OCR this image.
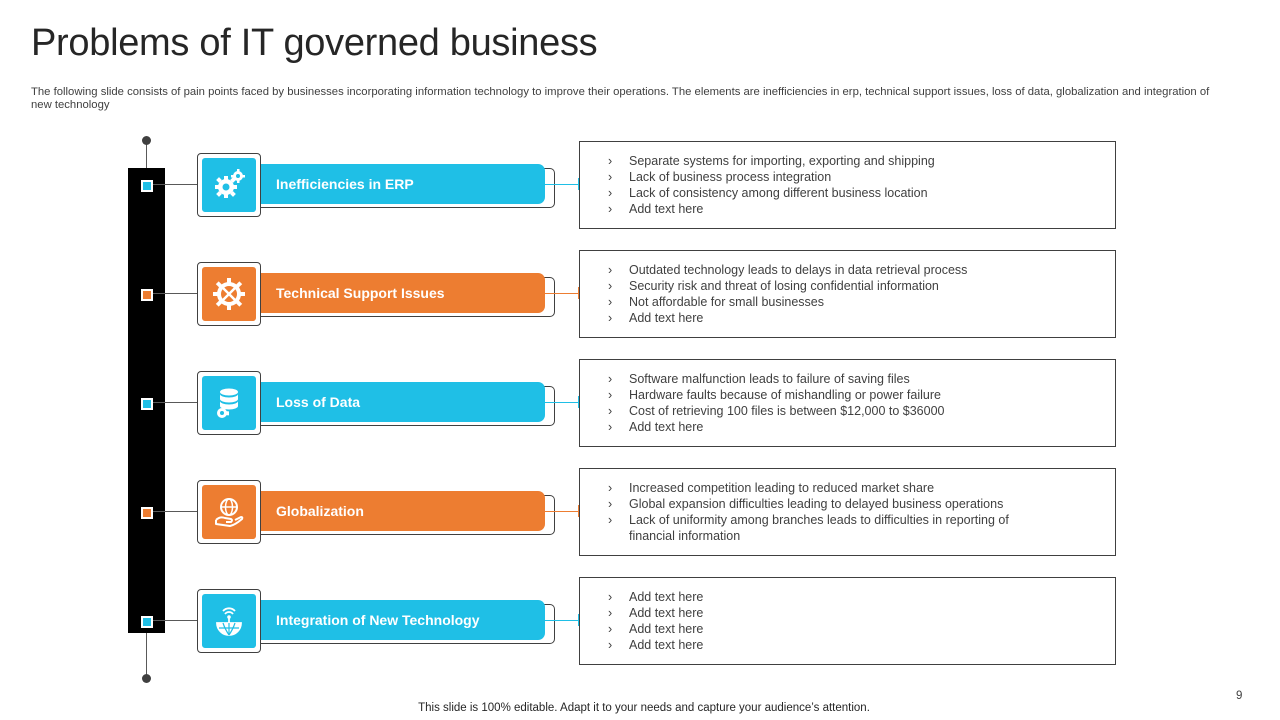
Problems of IT governed business
The following slide consists of pain points faced by businesses incorporating information technology to improve their operations. The elements are inefficiencies in erp, technical support issues, loss of data, globalization and integration of new technology
Inefficiencies in ERP
› Separate systems for importing, exporting and shipping
› Lack of business process integration
› Lack of consistency among different business location
› Add text here
Technical Support Issues
› Outdated technology leads to delays in data retrieval process
› Security risk and threat of losing confidential information
› Not affordable for small businesses
› Add text here
Loss of Data
› Software malfunction leads to failure of saving files
› Hardware faults because of mishandling or power failure
› Cost of retrieving 100 files is between $12,000 to $36000
› Add text here
Globalization
› Increased competition leading to reduced market share
› Global expansion difficulties leading to delayed business operations
› Lack of uniformity among branches leads to difficulties in reporting of financial information
Integration of New Technology
› Add text here
› Add text here
› Add text here
› Add text here
9
This slide is 100% editable. Adapt it to your needs and capture your audience’s attention.
